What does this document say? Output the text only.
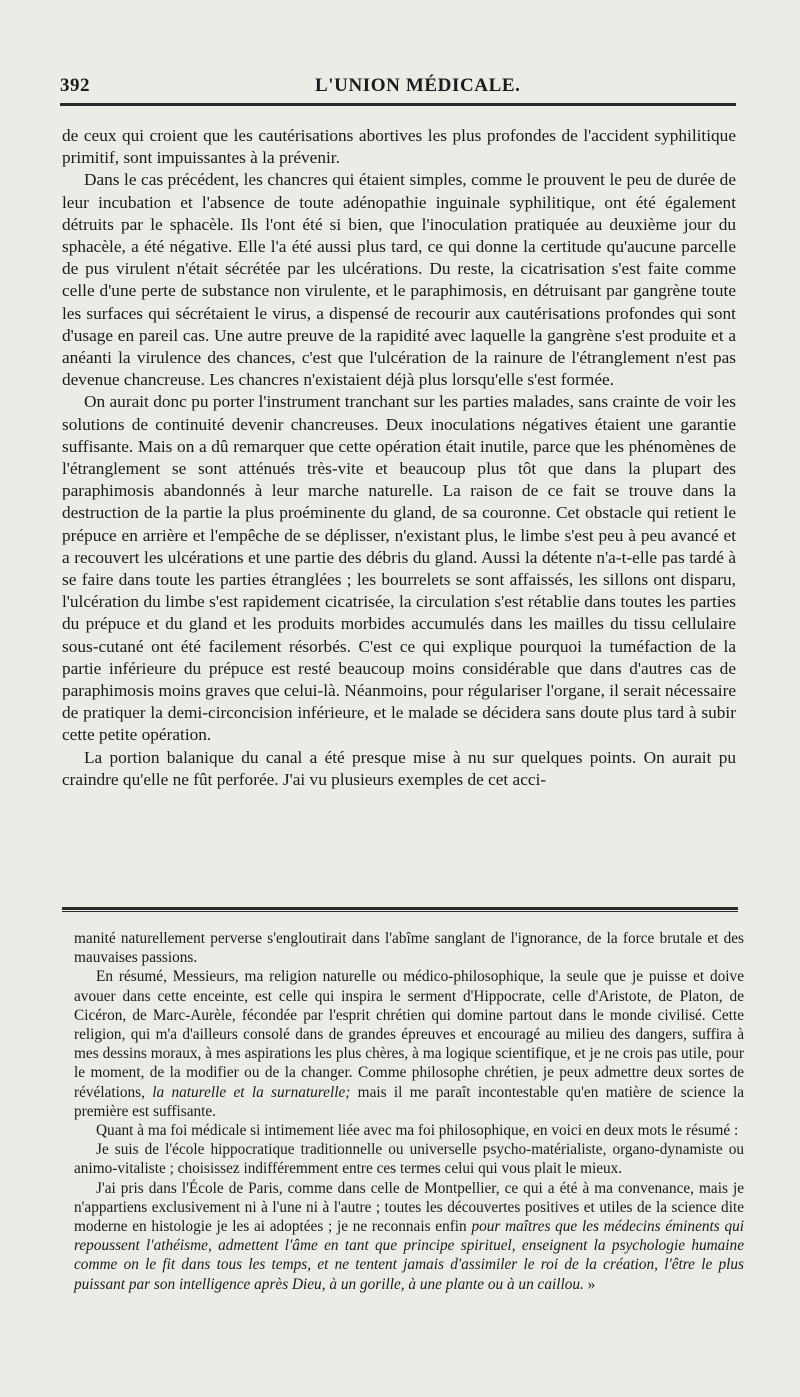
392	L'UNION MÉDICALE.

de ceux qui croient que les cautérisations abortives les plus profondes de l'accident syphilitique primitif, sont impuissantes à la prévenir.

Dans le cas précédent, les chancres qui étaient simples, comme le prouvent le peu de durée de leur incubation et l'absence de toute adénopathie inguinale syphilitique, ont été également détruits par le sphacèle. Ils l'ont été si bien, que l'inoculation pratiquée au deuxième jour du sphacèle, a été négative. Elle l'a été aussi plus tard, ce qui donne la certitude qu'aucune parcelle de pus virulent n'était sécrétée par les ulcérations. Du reste, la cicatrisation s'est faite comme celle d'une perte de substance non virulente, et le paraphimosis, en détruisant par gangrène toute les surfaces qui sécrétaient le virus, a dispensé de recourir aux cautérisations profondes qui sont d'usage en pareil cas. Une autre preuve de la rapidité avec laquelle la gangrène s'est produite et a anéanti la virulence des chances, c'est que l'ulcération de la rainure de l'étranglement n'est pas devenue chancreuse. Les chancres n'existaient déjà plus lorsqu'elle s'est formée.

On aurait donc pu porter l'instrument tranchant sur les parties malades, sans crainte de voir les solutions de continuité devenir chancreuses. Deux inoculations négatives étaient une garantie suffisante. Mais on a dû remarquer que cette opération était inutile, parce que les phénomènes de l'étranglement se sont atténués très-vite et beaucoup plus tôt que dans la plupart des paraphimosis abandonnés à leur marche naturelle. La raison de ce fait se trouve dans la destruction de la partie la plus proéminente du gland, de sa couronne. Cet obstacle qui retient le prépuce en arrière et l'empêche de se déplisser, n'existant plus, le limbe s'est peu à peu avancé et a recouvert les ulcérations et une partie des débris du gland. Aussi la détente n'a-t-elle pas tardé à se faire dans toute les parties étranglées ; les bourrelets se sont affaissés, les sillons ont disparu, l'ulcération du limbe s'est rapidement cicatrisée, la circulation s'est rétablie dans toutes les parties du prépuce et du gland et les produits morbides accumulés dans les mailles du tissu cellulaire sous-cutané ont été facilement résorbés. C'est ce qui explique pourquoi la tuméfaction de la partie inférieure du prépuce est resté beaucoup moins considérable que dans d'autres cas de paraphimosis moins graves que celui-là. Néanmoins, pour régulariser l'organe, il serait nécessaire de pratiquer la demi-circoncision inférieure, et le malade se décidera sans doute plus tard à subir cette petite opération.

La portion balanique du canal a été presque mise à nu sur quelques points. On aurait pu craindre qu'elle ne fût perforée. J'ai vu plusieurs exemples de cet acci-

manité naturellement perverse s'engloutirait dans l'abîme sanglant de l'ignorance, de la force brutale et des mauvaises passions.

En résumé, Messieurs, ma religion naturelle ou médico-philosophique, la seule que je puisse et doive avouer dans cette enceinte, est celle qui inspira le serment d'Hippocrate, celle d'Aristote, de Platon, de Cicéron, de Marc-Aurèle, fécondée par l'esprit chrétien qui domine partout dans le monde civilisé. Cette religion, qui m'a d'ailleurs consolé dans de grandes épreuves et encouragé au milieu des dangers, suffira à mes dessins moraux, à mes aspirations les plus chères, à ma logique scientifique, et je ne crois pas utile, pour le moment, de la modifier ou de la changer. Comme philosophe chrétien, je peux admettre deux sortes de révélations, la naturelle et la surnaturelle; mais il me paraît incontestable qu'en matière de science la première est suffisante.

Quant à ma foi médicale si intimement liée avec ma foi philosophique, en voici en deux mots le résumé :

Je suis de l'école hippocratique traditionnelle ou universelle psycho-matérialiste, organo-dynamiste ou animo-vitaliste ; choisissez indifféremment entre ces termes celui qui vous plait le mieux.

J'ai pris dans l'École de Paris, comme dans celle de Montpellier, ce qui a été à ma convenance, mais je n'appartiens exclusivement ni à l'une ni à l'autre ; toutes les découvertes positives et utiles de la science dite moderne en histologie je les ai adoptées ; je ne reconnais enfin pour maîtres que les médecins éminents qui repoussent l'athéisme, admettent l'âme en tant que principe spirituel, enseignent la psychologie humaine comme on le fit dans tous les temps, et ne tentent jamais d'assimiler le roi de la création, l'être le plus puissant par son intelligence après Dieu, à un gorille, à une plante ou à un caillou. »
